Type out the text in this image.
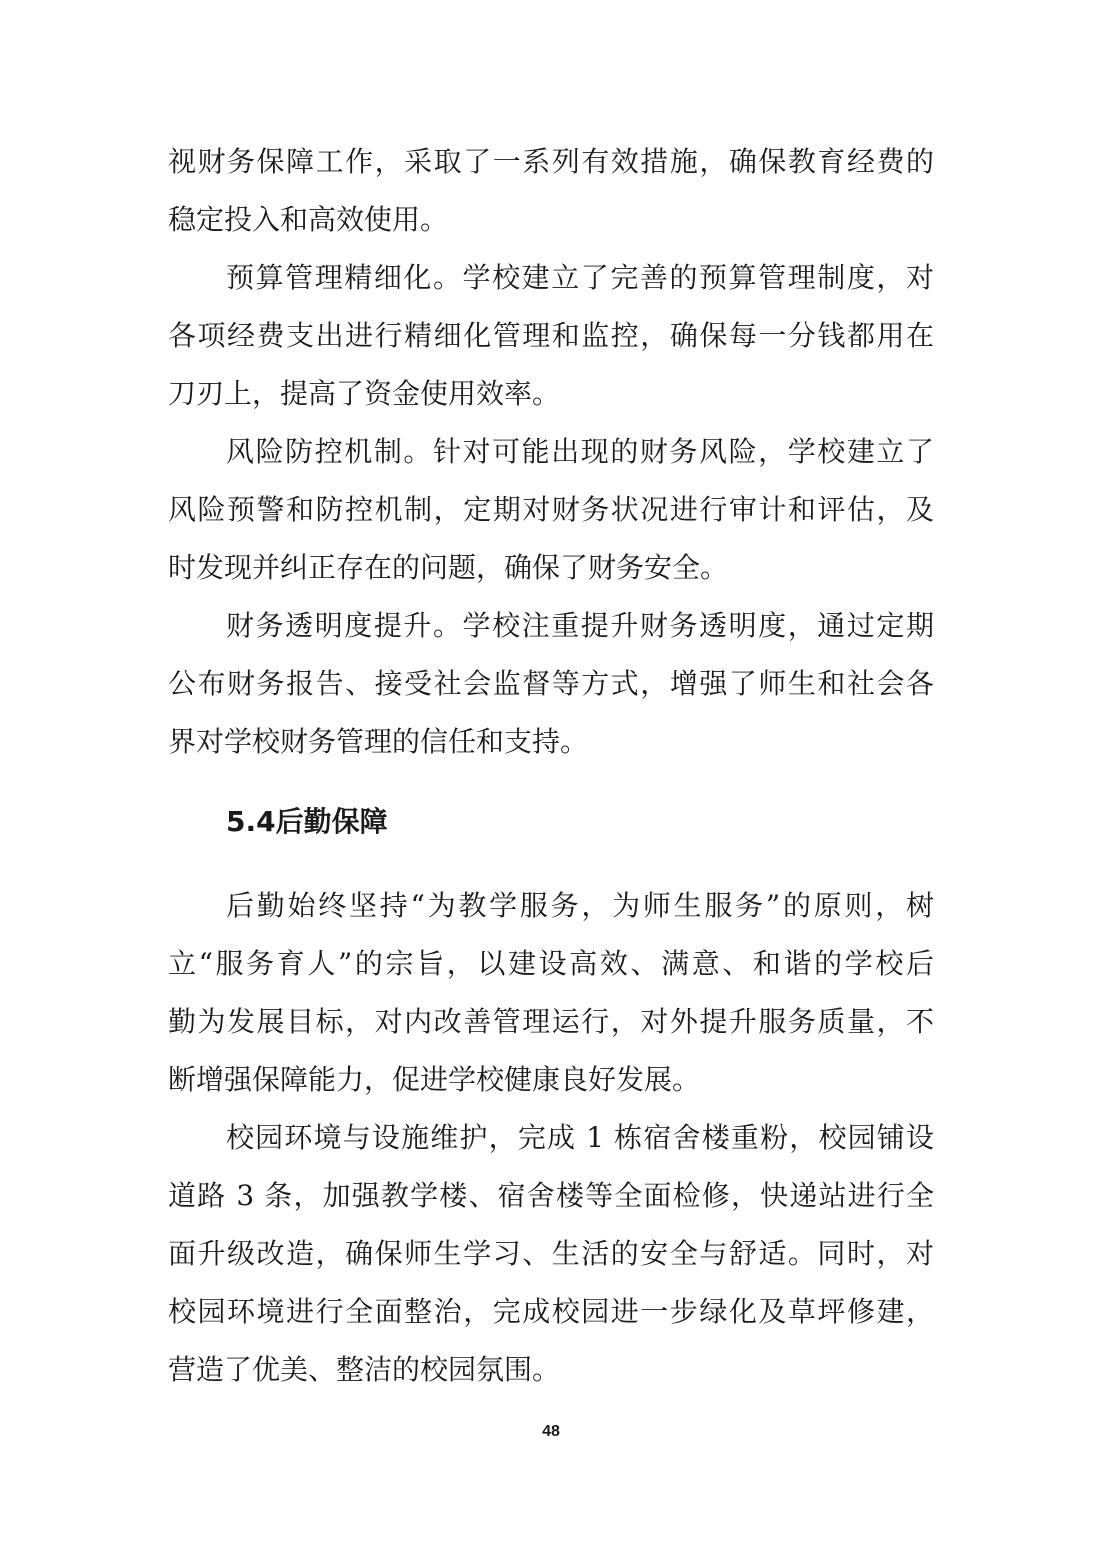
视财务保障工作，采取了一系列有效措施，确保教育经费的
稳定投入和高效使用。
预算管理精细化。学校建立了完善的预算管理制度，对
各项经费支出进行精细化管理和监控，确保每一分钱都用在
刀刃上，提高了资金使用效率。
风险防控机制。针对可能出现的财务风险，学校建立了
风险预警和防控机制，定期对财务状况进行审计和评估，及
时发现并纠正存在的问题，确保了财务安全。
财务透明度提升。学校注重提升财务透明度，通过定期
公布财务报告、接受社会监督等方式，增强了师生和社会各
界对学校财务管理的信任和支持。
5.4后勤保障
后勤始终坚持“为教学服务，为师生服务”的原则，树
立“服务育人”的宗旨，以建设高效、满意、和谐的学校后
勤为发展目标，对内改善管理运行，对外提升服务质量，不
断增强保障能力，促进学校健康良好发展。
校园环境与设施维护，完成 1 栋宿舍楼重粉，校园铺设
道路 3 条，加强教学楼、宿舍楼等全面检修，快递站进行全
面升级改造，确保师生学习、生活的安全与舒适。同时，对
校园环境进行全面整治，完成校园进一步绿化及草坪修建，
营造了优美、整洁的校园氛围。
48
